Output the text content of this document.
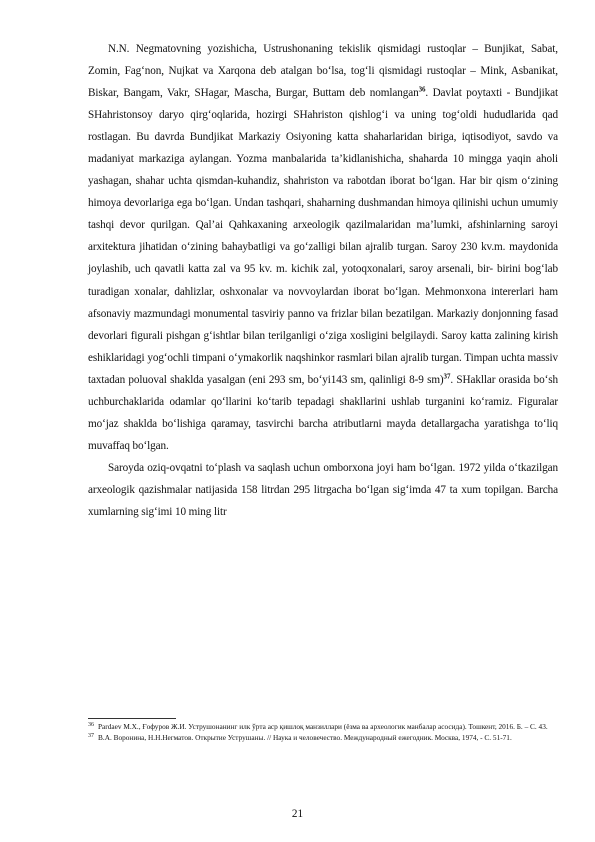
N.N. Negmatovning yozishicha, Ustrushonaning tekislik qismidagi rustoqlar – Bunjikat, Sabat, Zomin, Fag‘non, Nujkat va Xarqona deb atalgan bo‘lsa, tog‘li qismidagi rustoqlar – Mink, Asbanikat, Biskar, Bangam, Vakr, SHagar, Mascha, Burgar, Buttam deb nomlangan$^{36}$. Davlat poytaxti - Bundjikat SHahristonsoy daryo qirg‘oqlarida, hozirgi SHahriston qishlog‘i va uning tog‘oldi hududlarida qad rostlagan. Bu davrda Bundjikat Markaziy Osiyoning katta shaharlaridan biriga, iqtisodiyot, savdo va madaniyat markaziga aylangan. Yozma manbalarida ta’kidlanishicha, shaharda 10 mingga yaqin aholi yashagan, shahar uchta qismdan-kuhandiz, shahriston va rabotdan iborat bo‘lgan. Har bir qism o‘zining himoya devorlariga ega bo‘lgan. Undan tashqari, shaharning dushmandan himoya qilinishi uchun umumiy tashqi devor qurilgan. Qal’ai Qahkaxaning arxeologik qazilmalaridan ma’lumki, afshinlarning saroyi arxitektura jihatidan o‘zining bahaybatligi va go‘zalligi bilan ajralib turgan. Saroy 230 kv.m. maydonida joylashib, uch qavatli katta zal va 95 kv. m. kichik zal, yotoqxonalari, saroy arsenali, bir- birini bog‘lab turadigan xonalar, dahlizlar, oshxonalar va novvoylardan iborat bo‘lgan. Mehmonxona intererlari ham afsonaviy mazmundagi monumental tasviriy panno va frizlar bilan bezatilgan. Markaziy donjonning fasad devorlari figurali pishgan g‘ishtlar bilan terilganligi o‘ziga xosligini belgilaydi. Saroy katta zalining kirish eshiklaridagi yog‘ochli timpani o‘ymakorlik naqshinkor rasmlari bilan ajralib turgan. Timpan uchta massiv taxtadan poluoval shaklda yasalgan (eni 293 sm, bo‘yi143 sm, qalinligi 8-9 sm)$^{37}$. SHakllar orasida bo‘sh uchburchaklarida odamlar qo‘llarini ko‘tarib tepadagi shakllarini ushlab turganini ko‘ramiz. Figuralar mo‘jaz shaklda bo‘lishiga qaramay, tasvirchi barcha atributlarni mayda detallargacha yaratishga to‘liq muvaffaq bo‘lgan.

Saroyda oziq-ovqatni to‘plash va saqlash uchun omborxona joyi ham bo‘lgan. 1972 yilda o‘tkazilgan arxeologik qazishmalar natijasida 158 litrdan 295 litrgacha bo‘lgan sig‘imda 47 ta xum topilgan. Barcha xumlarning sig‘imi 10 ming litr

$^{36}$ Pardaev M.X., Ғофуров Ж.И. Уструшонанинг илк ўрта аср қишлоқ манзиллари (ёзма ва археологик манбалар асосида). Тошкент, 2016. Б. – С. 43.

$^{37}$ В.А. Воронина, Н.Н.Негматов. Открытие Уструшаны. // Наука и человечество. Международный ежегодник. Москва, 1974, - С. 51-71.

21
